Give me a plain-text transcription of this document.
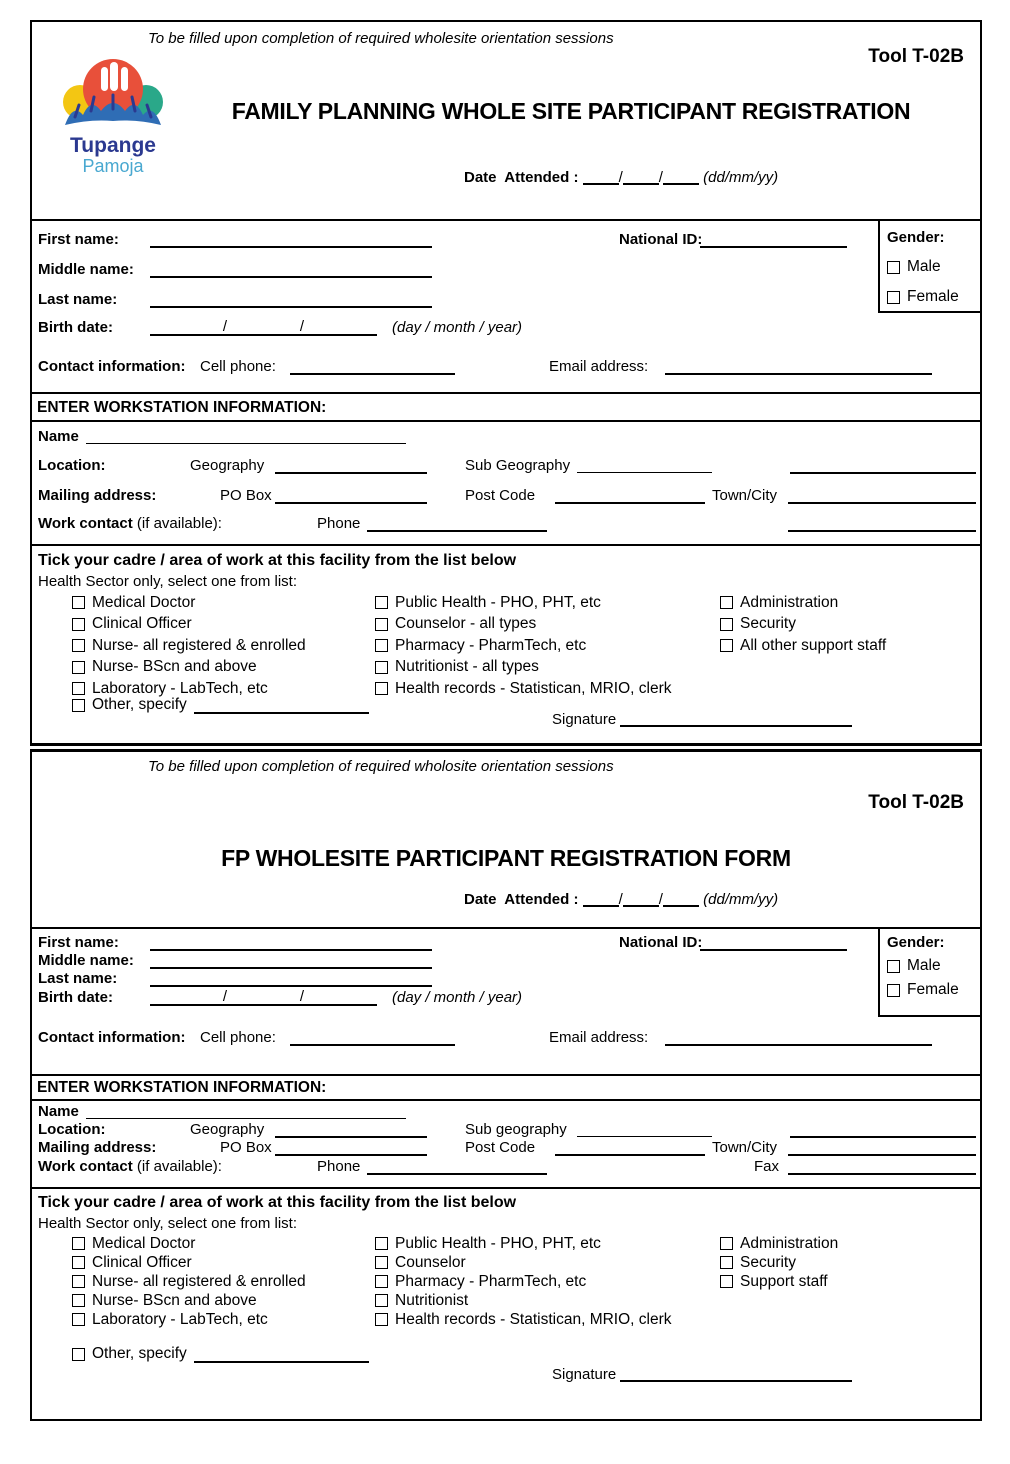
To be filled upon completion of required wholesite orientation sessions
Tool T-02B
Tupange
Pamoja
FAMILY PLANNING WHOLE SITE PARTICIPANT REGISTRATION
Date  Attended :	/ /	(dd/mm/yy)
First name:	National ID:
Middle name:
Last name:
Birth date:	/	/	(day / month / year)
Contact information: Cell phone:	Email address:
Gender:
Male
Female
ENTER WORKSTATION INFORMATION:
Name
Location:	Geography	Sub Geography
Mailing address:	PO Box	Post Code	Town/City
Work contact (if available):	Phone
Tick your cadre / area of work at this facility from the list below
Health Sector only, select one from list:
Medical Doctor
Clinical Officer
Nurse- all registered & enrolled
Nurse- BScn and above
Laboratory - LabTech, etc
Public Health - PHO, PHT, etc
Counselor - all types
Pharmacy - PharmTech, etc
Nutritionist - all types
Health records - Statistican, MRIO, clerk
Administration
Security
All other support staff
Other, specify
Signature
To be filled upon completion of required wholosite orientation sessions
Tool T-02B
FP WHOLESITE PARTICIPANT REGISTRATION FORM
Date  Attended :	/ /	(dd/mm/yy)
First name:	National ID:
Middle name:
Last name:
Birth date:	/	/	(day / month / year)
Contact information: Cell phone:	Email address:
Gender:
Male
Female
ENTER WORKSTATION INFORMATION:
Name
Location:	Geography	Sub geography
Mailing address:	PO Box	Post Code	Town/City
Work contact (if available):	Phone	Fax
Tick your cadre / area of work at this facility from the list below
Health Sector only, select one from list:
Medical Doctor
Clinical Officer
Nurse- all registered & enrolled
Nurse- BScn and above
Laboratory - LabTech, etc
Public Health - PHO, PHT, etc
Counselor
Pharmacy - PharmTech, etc
Nutritionist
Health records - Statistican, MRIO, clerk
Administration
Security
Support staff
Other, specify
Signature
